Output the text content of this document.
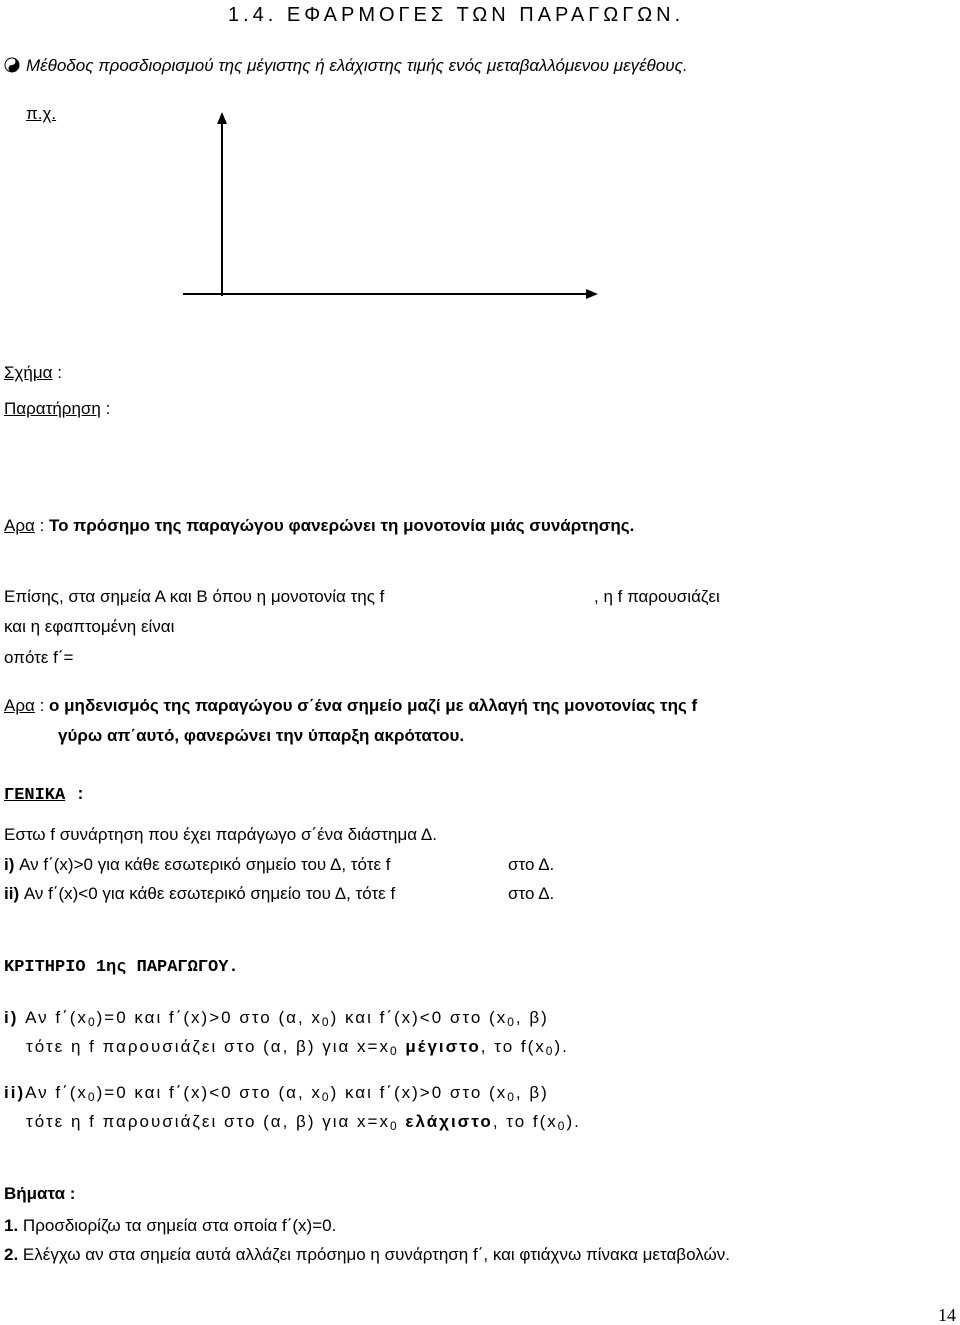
1.4. ΕΦΑΡΜΟΓΕΣ ΤΩΝ ΠΑΡΑΓΩΓΩΝ.
Μέθοδος προσδιορισμού της μέγιστης ή ελάχιστης τιμής ενός μεταβαλλόμενου μεγέθους.
π.χ.
Σχήμα :
Παρατήρηση :
Αρα : Το πρόσημο της παραγώγου φανερώνει τη μονοτονία μιάς συνάρτησης.
Επίσης, στα σημεία Α και Β όπου η μονοτονία της f	, η f παρουσιάζει
και η εφαπτομένη είναι
οπότε f΄=
Αρα : ο μηδενισμός της παραγώγου σ΄ένα σημείο μαζί με αλλαγή της μονοτονίας της f
γύρω απ΄αυτό, φανερώνει την ύπαρξη ακρότατου.
ΓΕΝΙΚΑ :
Εστω f συνάρτηση που έχει παράγωγο σ΄ένα διάστημα Δ.
i) Αν f΄(x)>0 για κάθε εσωτερικό σημείο του Δ, τότε f	στο Δ.
ii) Αν f΄(x)<0 για κάθε εσωτερικό σημείο του Δ, τότε f	στο Δ.
ΚΡΙΤΗΡΙΟ 1ης ΠΑΡΑΓΩΓΟΥ.
i) Αν $f΄(x_0)=0$ και f΄(x)>0 στο (α, $x_0$) και f΄(x)<0 στο ($x_0$, β)
τότε η f παρουσιάζει στο (α, β) για $x=x_0$ μέγιστο, το $f(x_0)$.
ii)Αν $f΄(x_0)=0$ και f΄(x)<0 στο (α, $x_0$) και f΄(x)>0 στο ($x_0$, β)
τότε η f παρουσιάζει στο (α, β) για $x=x_0$ ελάχιστο, το $f(x_0)$.
Βήματα :
1. Προσδιορίζω τα σημεία στα οποία f΄(x)=0.
2. Ελέγχω αν στα σημεία αυτά αλλάζει πρόσημο η συνάρτηση f΄, και φτιάχνω πίνακα μεταβολών.
14
